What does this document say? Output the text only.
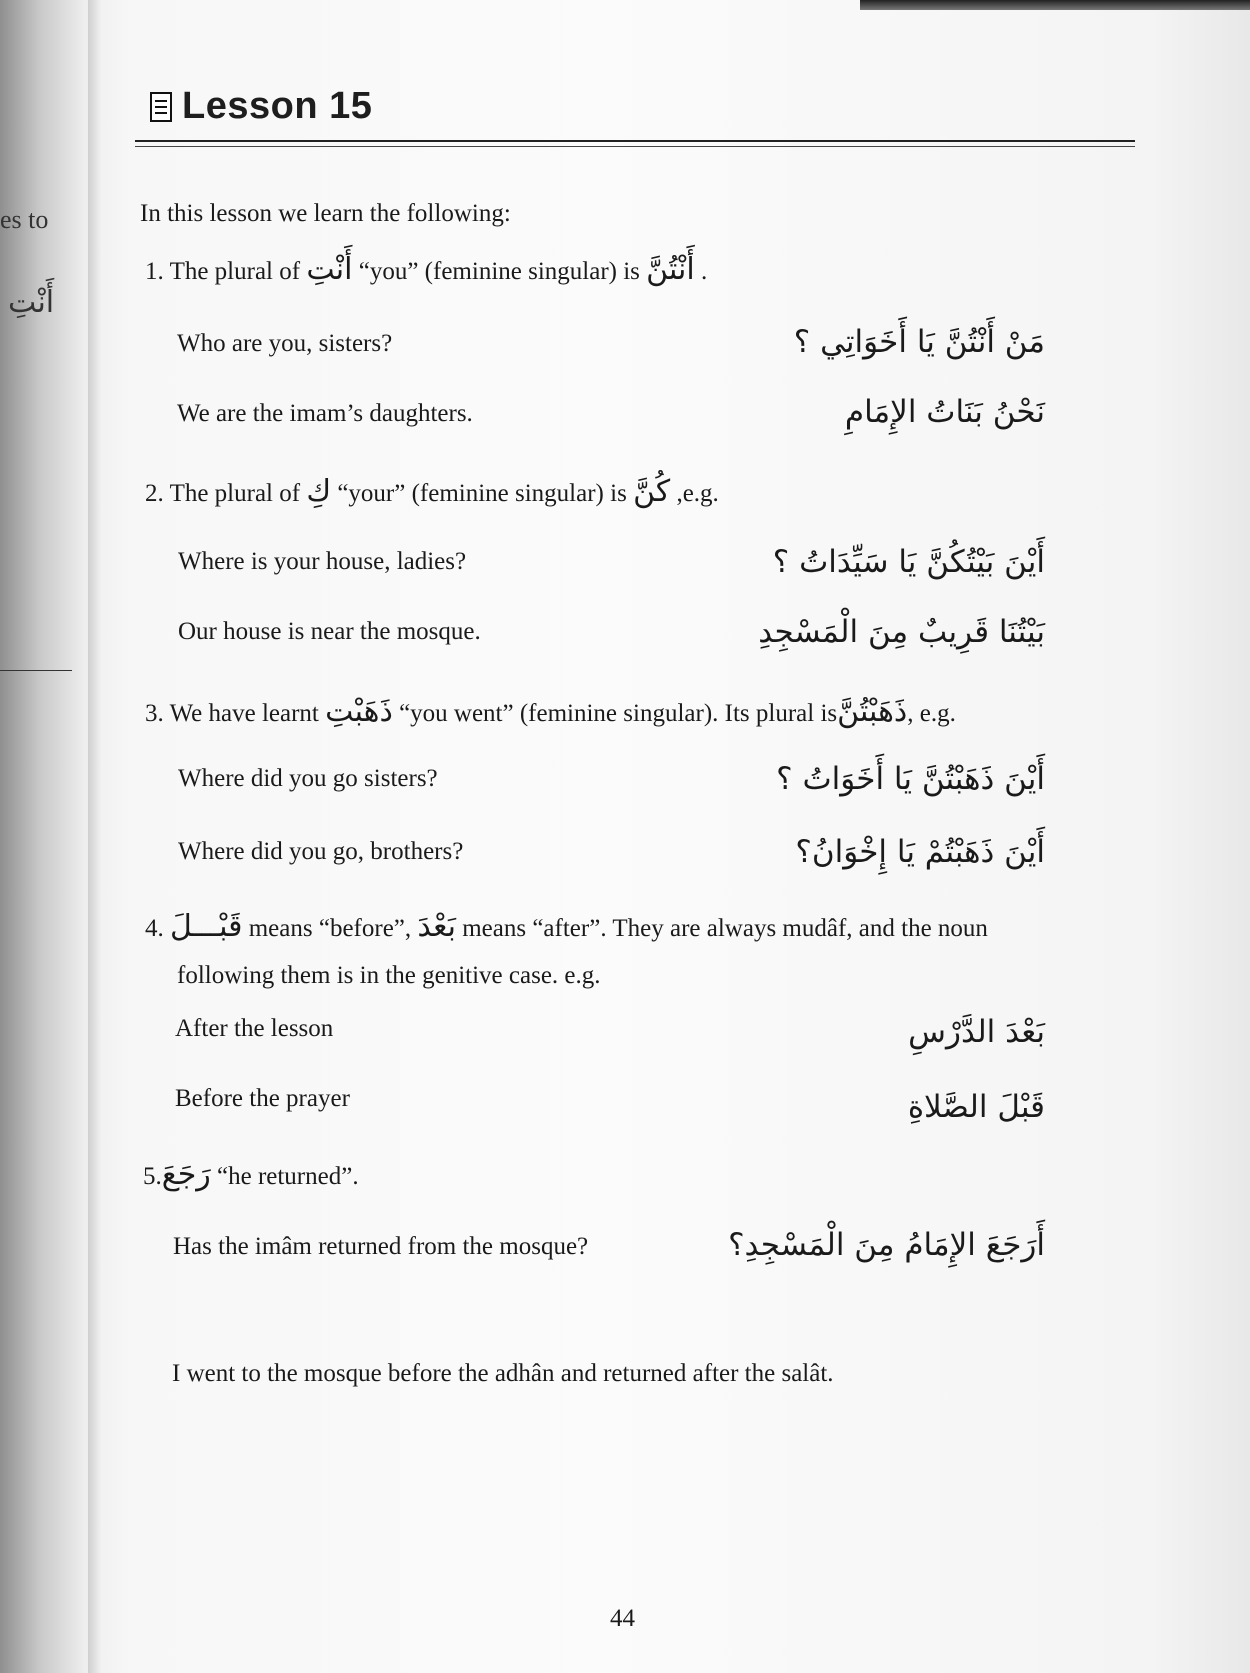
es to
أَنْتِ
Lesson 15
In this lesson we learn the following:
1. The plural of أَنْتِ “you” (feminine singular) is أَنْتُنَّ .
Who are you, sisters?	مَنْ أَنْتُنَّ يَا أَخَوَاتِي ؟
We are the imam’s daughters.	نَحْنُ بَنَاتُ الإِمَامِ
2. The plural of كِ “your” (feminine singular) is كُنَّ ,e.g.
Where is your house, ladies?	أَيْنَ بَيْتُكُنَّ يَا سَيِّدَاتُ ؟
Our house is near the mosque.	بَيْتُنَا قَرِيبٌ مِنَ الْمَسْجِدِ
3. We have learnt ذَهَبْتِ “you went” (feminine singular). Its plural isذَهَبْتُنَّ, e.g.
Where did you go sisters?	أَيْنَ ذَهَبْتُنَّ يَا أَخَوَاتُ ؟
Where did you go, brothers?	أَيْنَ ذَهَبْتُمْ يَا إِخْوَانُ؟
4. قَبْـــلَ means “before”, بَعْدَ means “after”. They are always mudâf, and the noun
following them is in the genitive case. e.g.
After the lesson	بَعْدَ الدَّرْسِ
Before the prayer	قَبْلَ الصَّلاةِ
5.رَجَعَ “he returned”.
Has the imâm returned from the mosque?	أَرَجَعَ الإِمَامُ مِنَ الْمَسْجِدِ؟
I went to the mosque before the adhân and returned after the salât.
44
